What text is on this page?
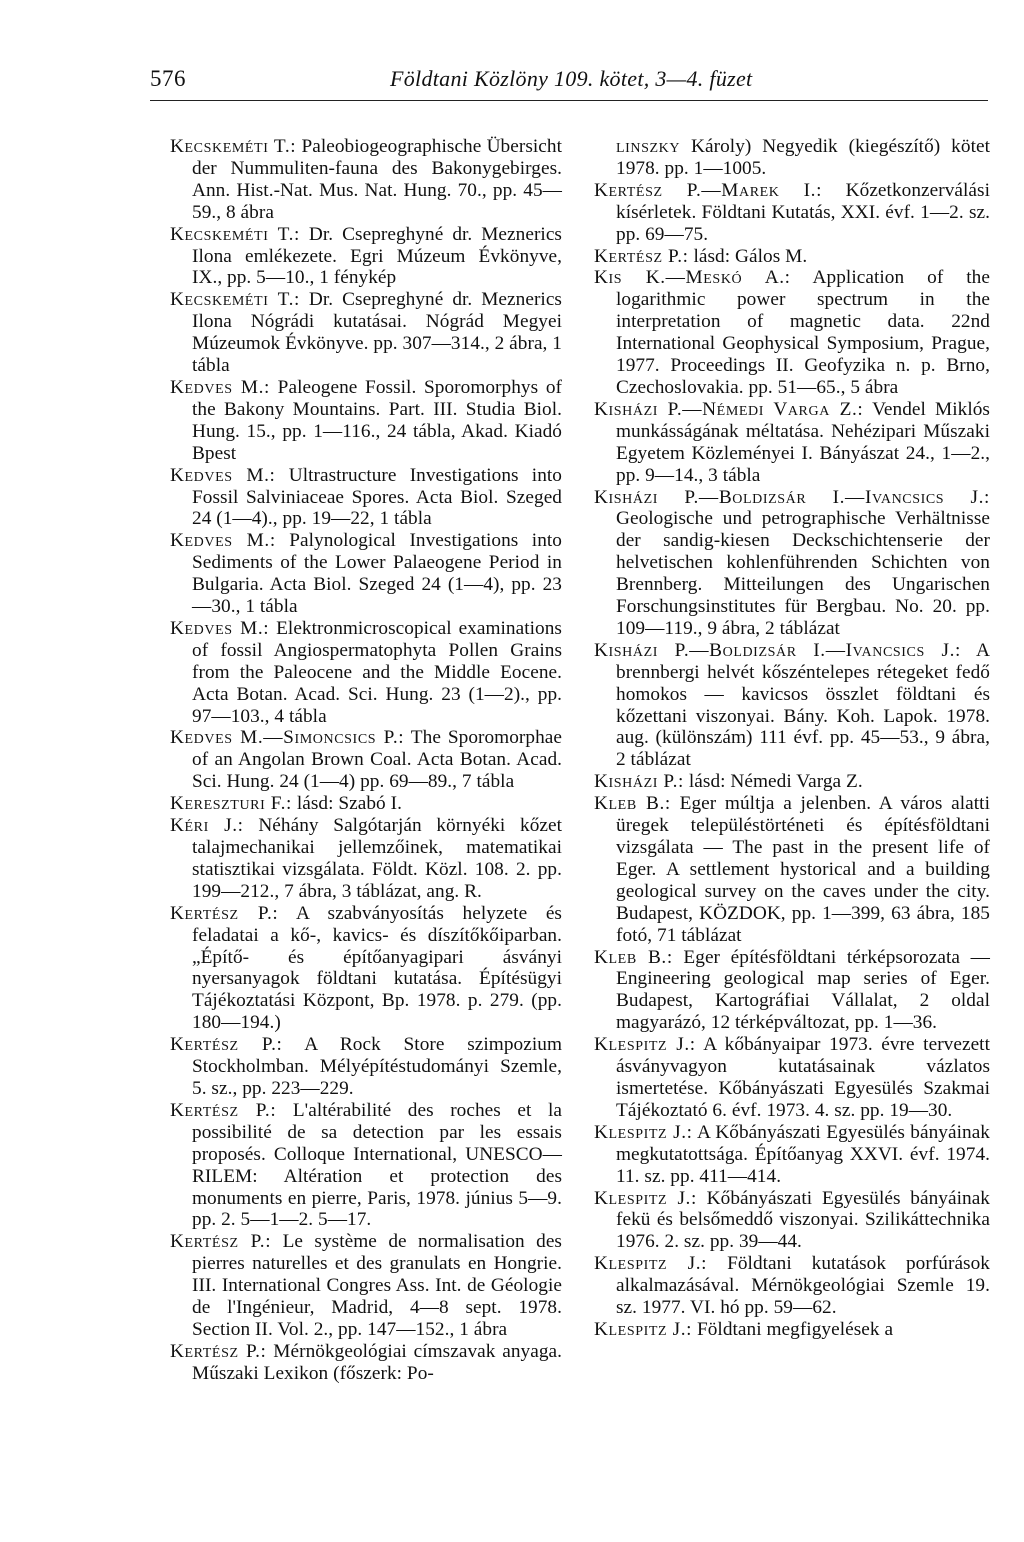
576	Földtani Közlöny 109. kötet, 3—4. füzet

Kecskeméti T.: Paleobiogeographische Übersicht der Nummuliten-fauna des Bakonygebirges. Ann. Hist.-Nat. Mus. Nat. Hung. 70., pp. 45—59., 8 ábra

Kecskeméti T.: Dr. Csepreghyné dr. Meznerics Ilona emlékezete. Egri Múzeum Évkönyve, IX., pp. 5—10., 1 fénykép

Kecskeméti T.: Dr. Csepreghyné dr. Meznerics Ilona Nógrádi kutatásai. Nógrád Megyei Múzeumok Évkönyve. pp. 307—314., 2 ábra, 1 tábla

Kedves M.: Paleogene Fossil. Sporomorphys of the Bakony Mountains. Part. III. Studia Biol. Hung. 15., pp. 1—116., 24 tábla, Akad. Kiadó Bpest

Kedves M.: Ultrastructure Investigations into Fossil Salviniaceae Spores. Acta Biol. Szeged 24 (1—4)., pp. 19—22, 1 tábla

Kedves M.: Palynological Investigations into Sediments of the Lower Palaeogene Period in Bulgaria. Acta Biol. Szeged 24 (1—4), pp. 23—30., 1 tábla

Kedves M.: Elektronmicroscopical examinations of fossil Angiospermatophyta Pollen Grains from the Paleocene and the Middle Eocene. Acta Botan. Acad. Sci. Hung. 23 (1—2)., pp. 97—103., 4 tábla

Kedves M.—Simoncsics P.: The Sporomorphae of an Angolan Brown Coal. Acta Botan. Acad. Sci. Hung. 24 (1—4) pp. 69—89., 7 tábla

Kereszturi F.: lásd: Szabó I.

Kéri J.: Néhány Salgótarján környéki kőzet talajmechanikai jellemzőinek, matematikai statisztikai vizsgálata. Földt. Közl. 108. 2. pp. 199—212., 7 ábra, 3 táblázat, ang. R.

Kertész P.: A szabványosítás helyzete és feladatai a kő-, kavics- és díszítőkőiparban. „Építő- és építőanyagipari ásványi nyersanyagok földtani kutatása. Építésügyi Tájékoztatási Központ, Bp. 1978. p. 279. (pp. 180—194.)

Kertész P.: A Rock Store szimpozium Stockholmban. Mélyépítéstudományi Szemle, 5. sz., pp. 223—229.

Kertész P.: L'altérabilité des roches et la possibilité de sa detection par les essais proposés. Colloque International, UNESCO—RILEM: Altération et protection des monuments en pierre, Paris, 1978. június 5—9. pp. 2. 5—1—2. 5—17.

Kertész P.: Le système de normalisation des pierres naturelles et des granulats en Hongrie. III. International Congres Ass. Int. de Géologie de l'Ingénieur, Madrid, 4—8 sept. 1978. Section II. Vol. 2., pp. 147—152., 1 ábra

Kertész P.: Mérnökgeológiai címszavak anyaga. Műszaki Lexikon (főszerk: Po-

linszky Károly) Negyedik (kiegészítő) kötet 1978. pp. 1—1005.

Kertész P.—Marek I.: Kőzetkonzerválási kísérletek. Földtani Kutatás, XXI. évf. 1—2. sz. pp. 69—75.

Kertész P.: lásd: Gálos M.

Kis K.—Meskó A.: Application of the logarithmic power spectrum in the interpretation of magnetic data. 22nd International Geophysical Symposium, Prague, 1977. Proceedings II. Geofyzika n. p. Brno, Czechoslovakia. pp. 51—65., 5 ábra

Kisházi P.—Némedi Varga Z.: Vendel Miklós munkásságának méltatása. Nehézipari Műszaki Egyetem Közleményei I. Bányászat 24., 1—2., pp. 9—14., 3 tábla

Kisházi P.—Boldizsár I.—Ivancsics J.: Geologische und petrographische Verhältnisse der sandig-kiesen Deckschichtenserie der helvetischen kohlenführenden Schichten von Brennberg. Mitteilungen des Ungarischen Forschungsinstitutes für Bergbau. No. 20. pp. 109—119., 9 ábra, 2 táblázat

Kisházi P.—Boldizsár I.—Ivancsics J.: A brennbergi helvét kőszéntelepes rétegeket fedő homokos — kavicsos összlet földtani és kőzettani viszonyai. Bány. Koh. Lapok. 1978. aug. (különszám) 111 évf. pp. 45—53., 9 ábra, 2 táblázat

Kisházi P.: lásd: Némedi Varga Z.

Kleb B.: Eger múltja a jelenben. A város alatti üregek településtörténeti és építésföldtani vizsgálata — The past in the present life of Eger. A settlement hystorical and a building geological survey on the caves under the city. Budapest, KÖZDOK, pp. 1—399, 63 ábra, 185 fotó, 71 táblázat

Kleb B.: Eger építésföldtani térképsorozata — Engineering geological map series of Eger. Budapest, Kartográfiai Vállalat, 2 oldal magyarázó, 12 térképváltozat, pp. 1—36.

Klespitz J.: A kőbányaipar 1973. évre tervezett ásványvagyon kutatásainak vázlatos ismertetése. Kőbányászati Egyesülés Szakmai Tájékoztató 6. évf. 1973. 4. sz. pp. 19—30.

Klespitz J.: A Kőbányászati Egyesülés bányáinak megkutatottsága. Építőanyag XXVI. évf. 1974. 11. sz. pp. 411—414.

Klespitz J.: Kőbányászati Egyesülés bányáinak fekü és belsőmeddő viszonyai. Szilikáttechnika 1976. 2. sz. pp. 39—44.

Klespitz J.: Földtani kutatások porfúrások alkalmazásával. Mérnökgeológiai Szemle 19. sz. 1977. VI. hó pp. 59—62.

Klespitz J.: Földtani megfigyelések a
